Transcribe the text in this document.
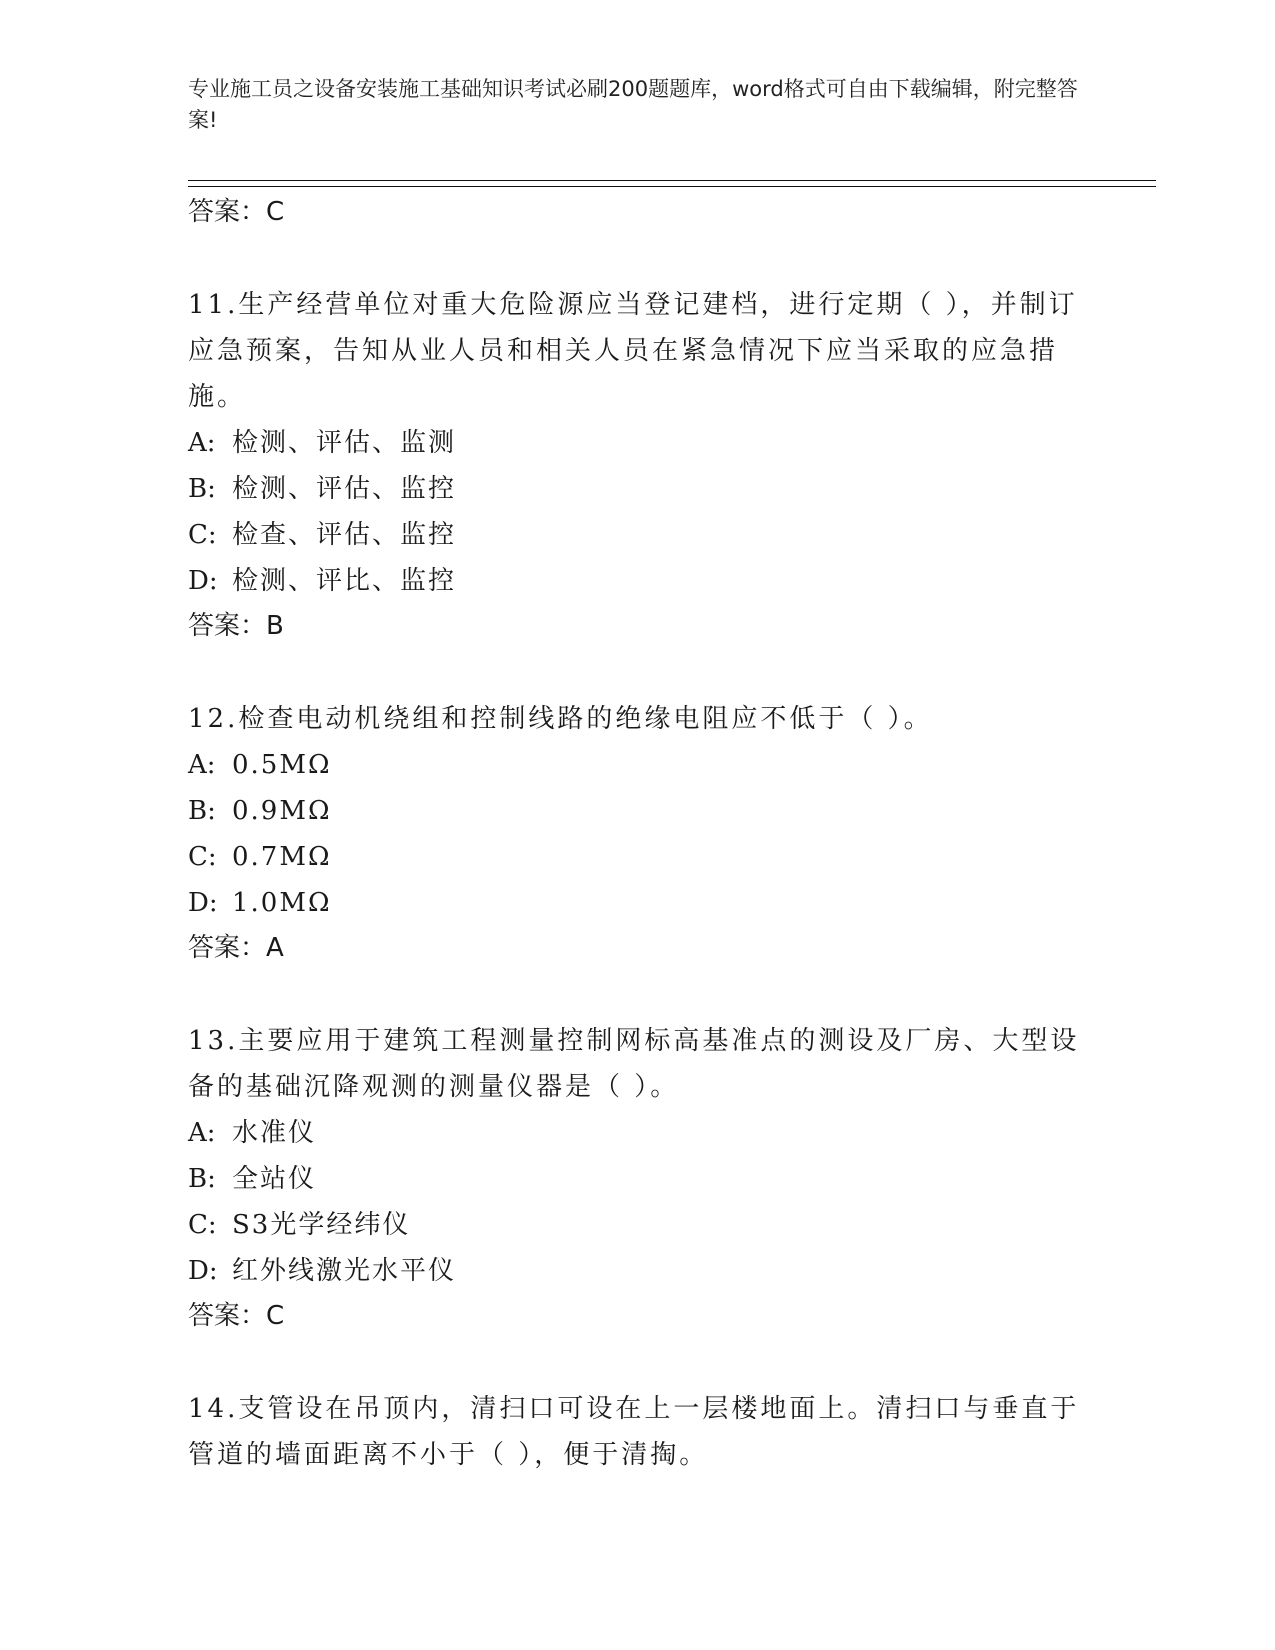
专业施工员之设备安装施工基础知识考试必刷200题题库，word格式可自由下载编辑，附完整答案!
答案：C
11.生产经营单位对重大危险源应当登记建档，进行定期（ ），并制订应急预案，告知从业人员和相关人员在紧急情况下应当采取的应急措施。
A: 检测、评估、监测
B: 检测、评估、监控
C: 检查、评估、监控
D: 检测、评比、监控
答案：B
12.检查电动机绕组和控制线路的绝缘电阻应不低于（ ）。
A: 0.5MΩ
B: 0.9MΩ
C: 0.7MΩ
D: 1.0MΩ
答案：A
13.主要应用于建筑工程测量控制网标高基准点的测设及厂房、大型设备的基础沉降观测的测量仪器是（ ）。
A: 水准仪
B: 全站仪
C: S3光学经纬仪
D: 红外线激光水平仪
答案：C
14.支管设在吊顶内，清扫口可设在上一层楼地面上。清扫口与垂直于管道的墙面距离不小于（ ），便于清掏。
